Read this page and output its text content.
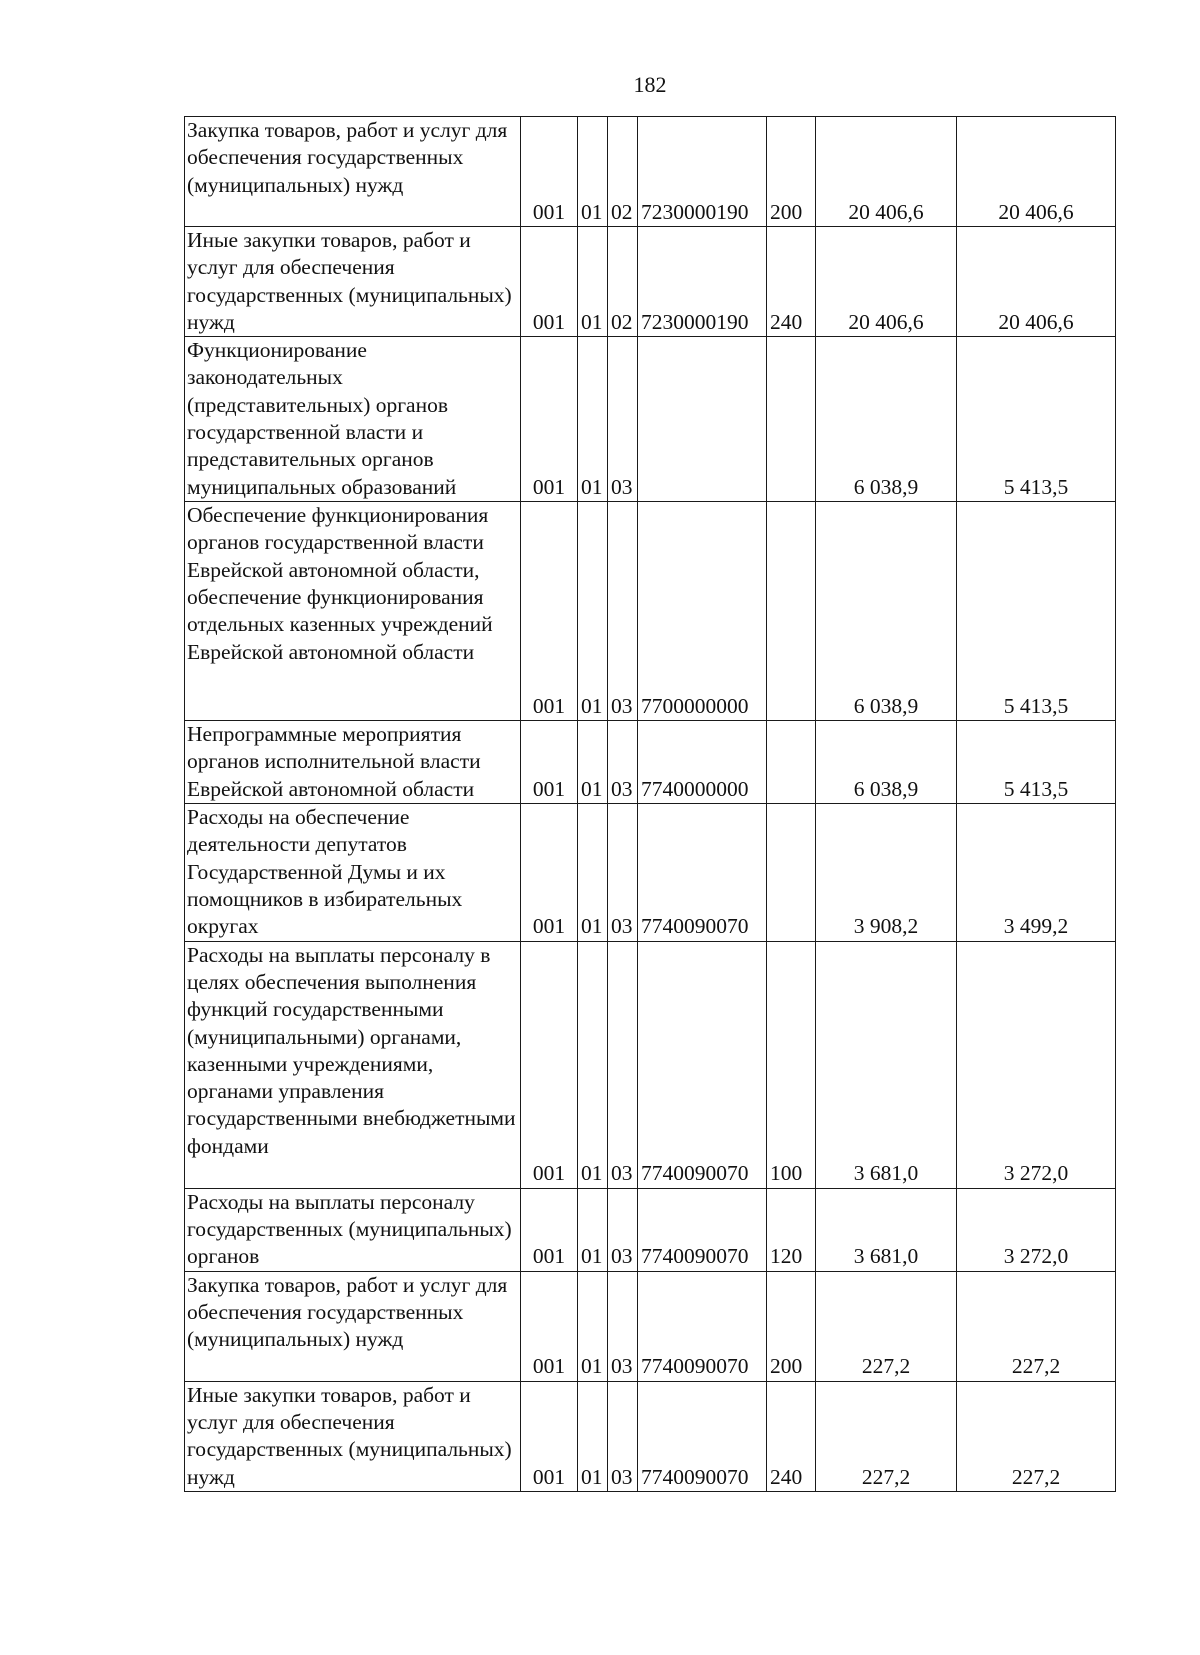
182
Закупка товаров, работ и услуг для обеспечения государственных (муниципальных) нужд	001	01	02	7230000190	200	20 406,6	20 406,6

Иные закупки товаров, работ и услуг для обеспечения государственных (муниципальных) нужд	001	01	02	7230000190	240	20 406,6	20 406,6

Функционирование законодательных (представительных) органов государственной власти и представительных органов муниципальных образований	001	01	03			6 038,9	5 413,5

Обеспечение функционирования органов государственной власти Еврейской автономной области, обеспечение функционирования отдельных казенных учреждений Еврейской автономной области	001	01	03	7700000000		6 038,9	5 413,5

Непрограммные мероприятия органов исполнительной власти Еврейской автономной области	001	01	03	7740000000		6 038,9	5 413,5

Расходы на обеспечение деятельности депутатов Государственной Думы и их помощников в избирательных округах	001	01	03	7740090070		3 908,2	3 499,2

Расходы на выплаты персоналу в целях обеспечения выполнения функций государственными (муниципальными) органами, казенными учреждениями, органами управления государственными внебюджетными фондами	001	01	03	7740090070	100	3 681,0	3 272,0

Расходы на выплаты персоналу государственных (муниципальных) органов	001	01	03	7740090070	120	3 681,0	3 272,0

Закупка товаров, работ и услуг для обеспечения государственных (муниципальных) нужд	001	01	03	7740090070	200	227,2	227,2

Иные закупки товаров, работ и услуг для обеспечения государственных (муниципальных) нужд	001	01	03	7740090070	240	227,2	227,2
